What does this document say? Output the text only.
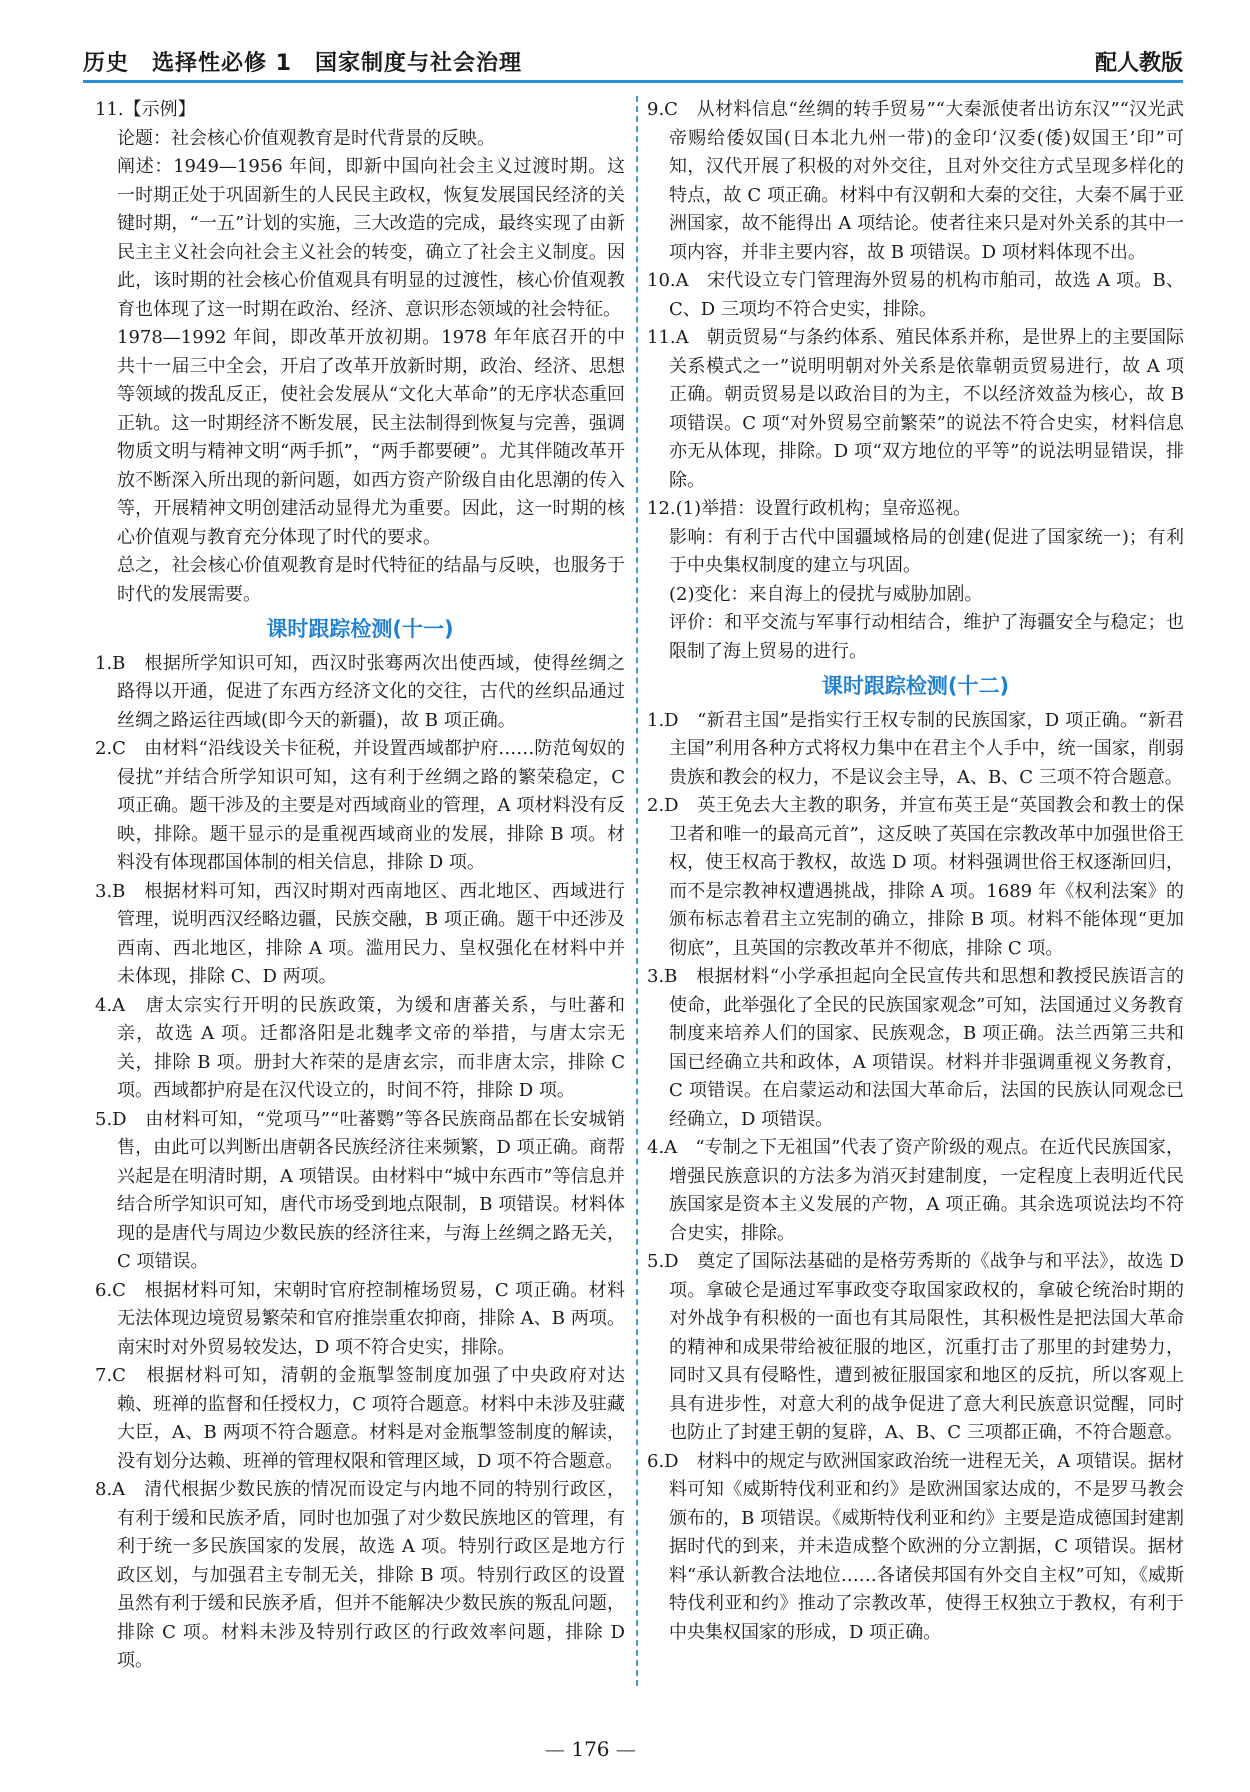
历史　选择性必修 1　国家制度与社会治理	配人教版

11.【示例】

论题：社会核心价值观教育是时代背景的反映。

阐述：1949—1956 年间，即新中国向社会主义过渡时期。这一时期正处于巩固新生的人民民主政权，恢复发展国民经济的关键时期，“一五”计划的实施，三大改造的完成，最终实现了由新民主主义社会向社会主义社会的转变，确立了社会主义制度。因此，该时期的社会核心价值观具有明显的过渡性，核心价值观教育也体现了这一时期在政治、经济、意识形态领域的社会特征。

1978—1992 年间，即改革开放初期。1978 年年底召开的中共十一届三中全会，开启了改革开放新时期，政治、经济、思想等领域的拨乱反正，使社会发展从“文化大革命”的无序状态重回正轨。这一时期经济不断发展，民主法制得到恢复与完善，强调物质文明与精神文明“两手抓”，“两手都要硬”。尤其伴随改革开放不断深入所出现的新问题，如西方资产阶级自由化思潮的传入等，开展精神文明创建活动显得尤为重要。因此，这一时期的核心价值观与教育充分体现了时代的要求。

总之，社会核心价值观教育是时代特征的结晶与反映，也服务于时代的发展需要。

课时跟踪检测(十一)

1.B　根据所学知识可知，西汉时张骞两次出使西域，使得丝绸之路得以开通，促进了东西方经济文化的交往，古代的丝织品通过丝绸之路运往西域(即今天的新疆)，故 B 项正确。

2.C　由材料“沿线设关卡征税，并设置西域都护府……防范匈奴的侵扰”并结合所学知识可知，这有利于丝绸之路的繁荣稳定，C 项正确。题干涉及的主要是对西域商业的管理，A 项材料没有反映，排除。题干显示的是重视西域商业的发展，排除 B 项。材料没有体现郡国体制的相关信息，排除 D 项。

3.B　根据材料可知，西汉时期对西南地区、西北地区、西域进行管理，说明西汉经略边疆，民族交融，B 项正确。题干中还涉及西南、西北地区，排除 A 项。滥用民力、皇权强化在材料中并未体现，排除 C、D 两项。

4.A　唐太宗实行开明的民族政策，为缓和唐蕃关系，与吐蕃和亲，故选 A 项。迁都洛阳是北魏孝文帝的举措，与唐太宗无关，排除 B 项。册封大祚荣的是唐玄宗，而非唐太宗，排除 C 项。西域都护府是在汉代设立的，时间不符，排除 D 项。

5.D　由材料可知，“党项马”“吐蕃鹦”等各民族商品都在长安城销售，由此可以判断出唐朝各民族经济往来频繁，D 项正确。商帮兴起是在明清时期，A 项错误。由材料中“城中东西市”等信息并结合所学知识可知，唐代市场受到地点限制，B 项错误。材料体现的是唐代与周边少数民族的经济往来，与海上丝绸之路无关，C 项错误。

6.C　根据材料可知，宋朝时官府控制榷场贸易，C 项正确。材料无法体现边境贸易繁荣和官府推崇重农抑商，排除 A、B 两项。南宋时对外贸易较发达，D 项不符合史实，排除。

7.C　根据材料可知，清朝的金瓶掣签制度加强了中央政府对达赖、班禅的监督和任授权力，C 项符合题意。材料中未涉及驻藏大臣，A、B 两项不符合题意。材料是对金瓶掣签制度的解读，没有划分达赖、班禅的管理权限和管理区域，D 项不符合题意。

8.A　清代根据少数民族的情况而设定与内地不同的特别行政区，有利于缓和民族矛盾，同时也加强了对少数民族地区的管理，有利于统一多民族国家的发展，故选 A 项。特别行政区是地方行政区划，与加强君主专制无关，排除 B 项。特别行政区的设置虽然有利于缓和民族矛盾，但并不能解决少数民族的叛乱问题，排除 C 项。材料未涉及特别行政区的行政效率问题，排除 D 项。

9.C　从材料信息“丝绸的转手贸易”“大秦派使者出访东汉”“汉光武帝赐给倭奴国(日本北九州一带)的金印‘汉委(倭)奴国王’印”可知，汉代开展了积极的对外交往，且对外交往方式呈现多样化的特点，故 C 项正确。材料中有汉朝和大秦的交往，大秦不属于亚洲国家，故不能得出 A 项结论。使者往来只是对外关系的其中一项内容，并非主要内容，故 B 项错误。D 项材料体现不出。

10.A　宋代设立专门管理海外贸易的机构市舶司，故选 A 项。B、C、D 三项均不符合史实，排除。

11.A　朝贡贸易“与条约体系、殖民体系并称，是世界上的主要国际关系模式之一”说明明朝对外关系是依靠朝贡贸易进行，故 A 项正确。朝贡贸易是以政治目的为主，不以经济效益为核心，故 B 项错误。C 项“对外贸易空前繁荣”的说法不符合史实，材料信息亦无从体现，排除。D 项“双方地位的平等”的说法明显错误，排除。

12.(1)举措：设置行政机构；皇帝巡视。

影响：有利于古代中国疆域格局的创建(促进了国家统一)；有利于中央集权制度的建立与巩固。

(2)变化：来自海上的侵扰与威胁加剧。

评价：和平交流与军事行动相结合，维护了海疆安全与稳定；也限制了海上贸易的进行。

课时跟踪检测(十二)

1.D　“新君主国”是指实行王权专制的民族国家，D 项正确。“新君主国”利用各种方式将权力集中在君主个人手中，统一国家，削弱贵族和教会的权力，不是议会主导，A、B、C 三项不符合题意。

2.D　英王免去大主教的职务，并宣布英王是“英国教会和教士的保卫者和唯一的最高元首”，这反映了英国在宗教改革中加强世俗王权，使王权高于教权，故选 D 项。材料强调世俗王权逐渐回归，而不是宗教神权遭遇挑战，排除 A 项。1689 年《权利法案》的颁布标志着君主立宪制的确立，排除 B 项。材料不能体现“更加彻底”，且英国的宗教改革并不彻底，排除 C 项。

3.B　根据材料“小学承担起向全民宣传共和思想和教授民族语言的使命，此举强化了全民的民族国家观念”可知，法国通过义务教育制度来培养人们的国家、民族观念，B 项正确。法兰西第三共和国已经确立共和政体，A 项错误。材料并非强调重视义务教育，C 项错误。在启蒙运动和法国大革命后，法国的民族认同观念已经确立，D 项错误。

4.A　“专制之下无祖国”代表了资产阶级的观点。在近代民族国家，增强民族意识的方法多为消灭封建制度，一定程度上表明近代民族国家是资本主义发展的产物，A 项正确。其余选项说法均不符合史实，排除。

5.D　奠定了国际法基础的是格劳秀斯的《战争与和平法》，故选 D 项。拿破仑是通过军事政变夺取国家政权的，拿破仑统治时期的对外战争有积极的一面也有其局限性，其积极性是把法国大革命的精神和成果带给被征服的地区，沉重打击了那里的封建势力，同时又具有侵略性，遭到被征服国家和地区的反抗，所以客观上具有进步性，对意大利的战争促进了意大利民族意识觉醒，同时也防止了封建王朝的复辟，A、B、C 三项都正确，不符合题意。

6.D　材料中的规定与欧洲国家政治统一进程无关，A 项错误。据材料可知《威斯特伐利亚和约》是欧洲国家达成的，不是罗马教会颁布的，B 项错误。《威斯特伐利亚和约》主要是造成德国封建割据时代的到来，并未造成整个欧洲的分立割据，C 项错误。据材料“承认新教合法地位……各诸侯邦国有外交自主权”可知，《威斯特伐利亚和约》推动了宗教改革，使得王权独立于教权，有利于中央集权国家的形成，D 项正确。

— 176 —
